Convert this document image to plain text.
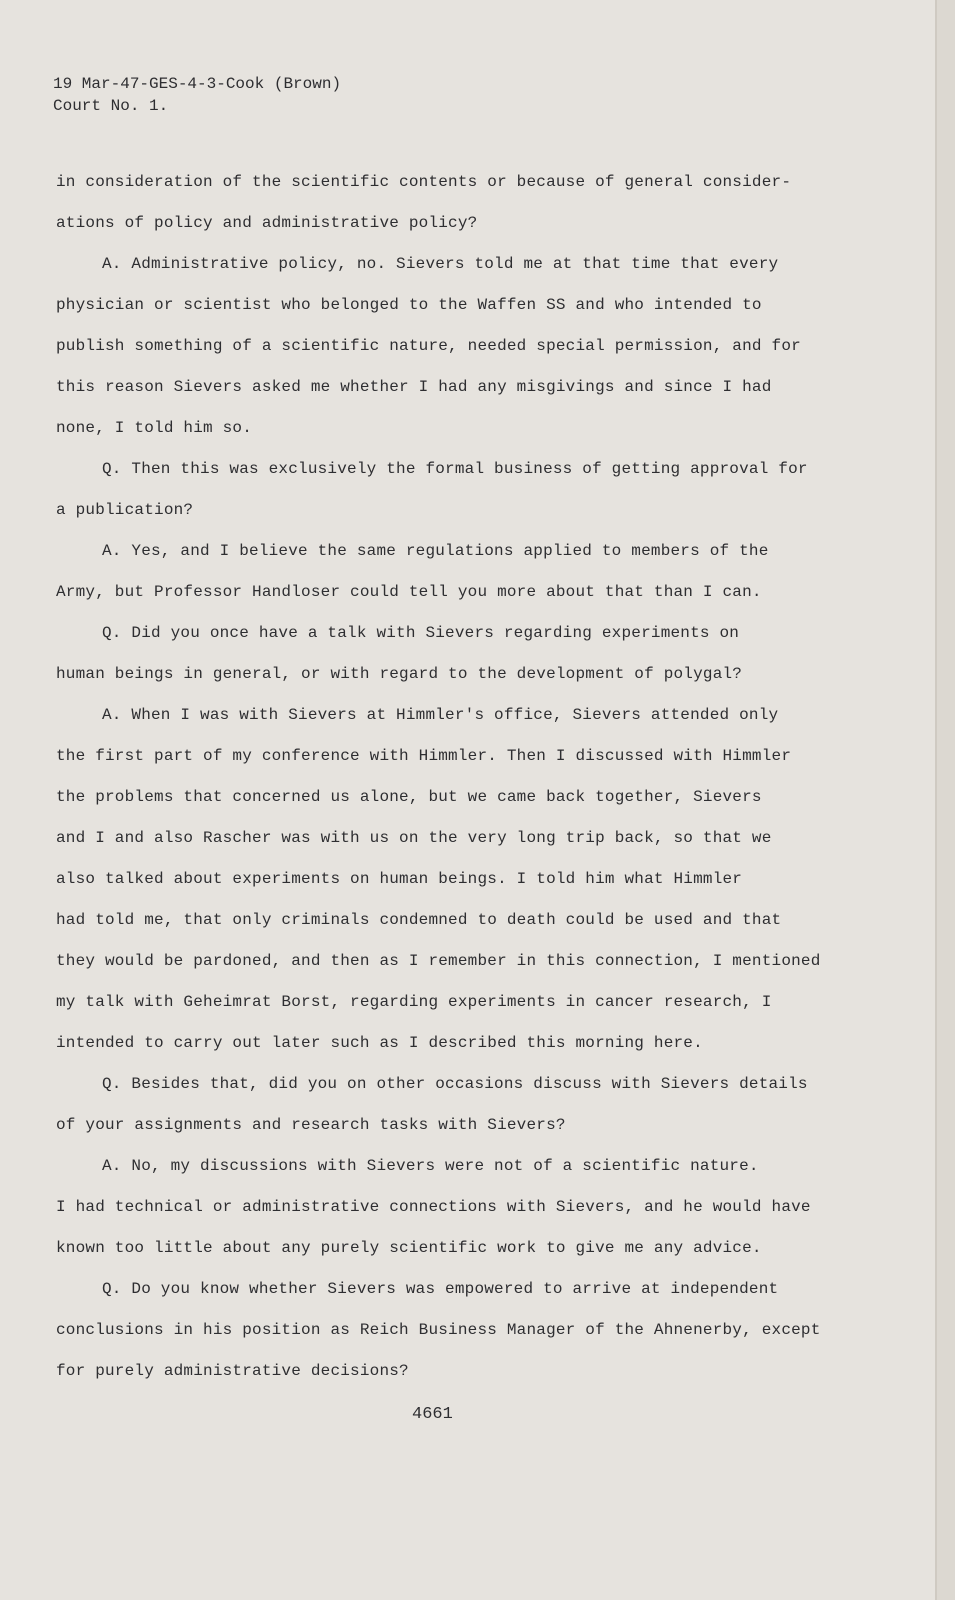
19 Mar-47-GES-4-3-Cook (Brown)
Court No. 1.
in consideration of the scientific contents or because of general consider-
ations of policy and administrative policy?
A. Administrative policy, no. Sievers told me at that time that every
physician or scientist who belonged to the Waffen SS and who intended to
publish something of a scientific nature, needed special permission, and for
this reason Sievers asked me whether I had any misgivings and since I had
none, I told him so.
Q. Then this was exclusively the formal business of getting approval for
a publication?
A. Yes, and I believe the same regulations applied to members of the
Army, but Professor Handloser could tell you more about that than I can.
Q. Did you once have a talk with Sievers regarding experiments on
human beings in general, or with regard to the development of polygal?
A. When I was with Sievers at Himmler's office, Sievers attended only
the first part of my conference with Himmler. Then I discussed with Himmler
the problems that concerned us alone, but we came back together, Sievers
and I and also Rascher was with us on the very long trip back, so that we
also talked about experiments on human beings. I told him what Himmler
had told me, that only criminals condemned to death could be used and that
they would be pardoned, and then as I remember in this connection, I mentioned
my talk with Geheimrat Borst, regarding experiments in cancer research, I
intended to carry out later such as I described this morning here.
Q. Besides that, did you on other occasions discuss with Sievers details
of your assignments and research tasks with Sievers?
A. No, my discussions with Sievers were not of a scientific nature.
I had technical or administrative connections with Sievers, and he would have
known too little about any purely scientific work to give me any advice.
Q. Do you know whether Sievers was empowered to arrive at independent
conclusions in his position as Reich Business Manager of the Ahnenerby, except
for purely administrative decisions?
4661
